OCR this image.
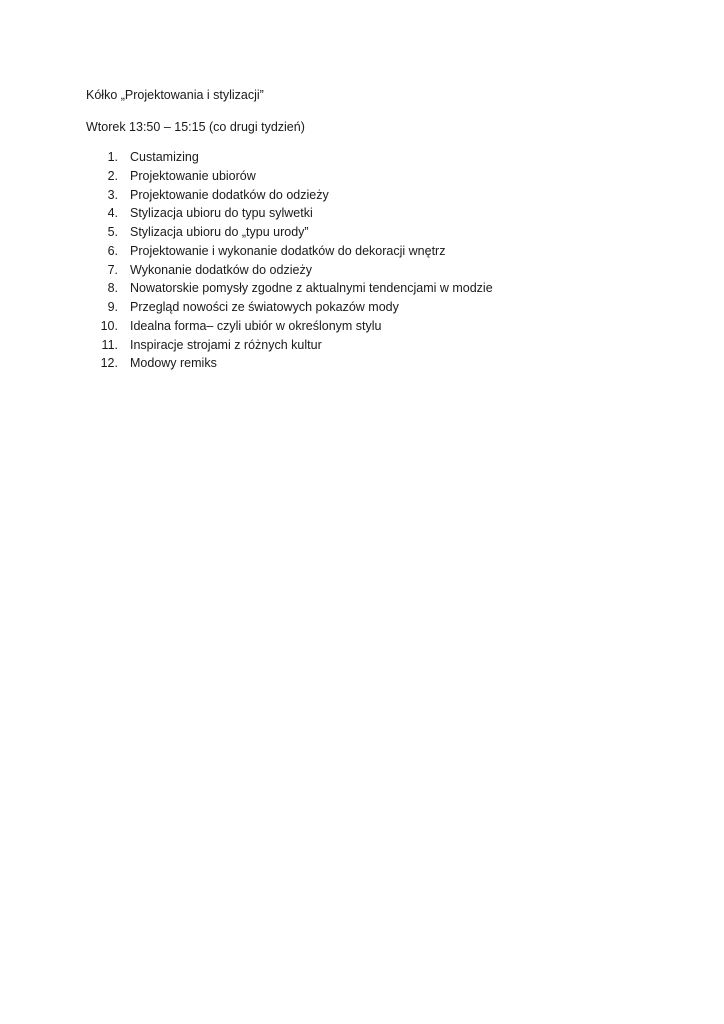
Kółko „Projektowania i stylizacji”
Wtorek 13:50 – 15:15 (co drugi tydzień)
1. Custamizing
2. Projektowanie ubiorów
3. Projektowanie dodatków do odzieży
4. Stylizacja ubioru do typu sylwetki
5. Stylizacja ubioru do „typu urody”
6. Projektowanie i wykonanie dodatków do dekoracji wnętrz
7. Wykonanie dodatków do odzieży
8. Nowatorskie pomysły zgodne z aktualnymi tendencjami w modzie
9. Przegląd nowości ze światowych pokazów mody
10. Idealna forma– czyli ubiór w określonym stylu
11. Inspiracje strojami z różnych kultur
12. Modowy remiks
